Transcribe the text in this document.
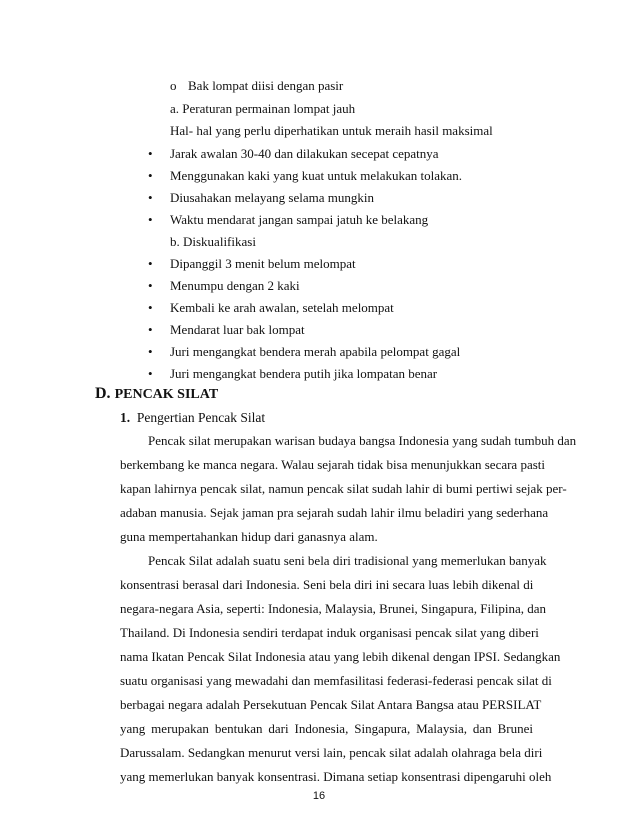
o Bak lompat diisi dengan pasir
a. Peraturan permainan lompat jauh
Hal- hal yang perlu diperhatikan untuk meraih hasil maksimal
• Jarak awalan 30-40 dan dilakukan secepat cepatnya
• Menggunakan kaki yang kuat untuk melakukan tolakan.
• Diusahakan melayang selama mungkin
• Waktu mendarat jangan sampai jatuh ke belakang
b. Diskualifikasi
• Dipanggil 3 menit belum melompat
• Menumpu dengan 2 kaki
• Kembali ke arah awalan, setelah melompat
• Mendarat luar bak lompat
• Juri mengangkat bendera merah apabila pelompat gagal
• Juri mengangkat bendera putih jika lompatan benar
D. PENCAK SILAT
1. Pengertian Pencak Silat
Pencak silat merupakan warisan budaya bangsa Indonesia yang sudah tumbuh dan
berkembang ke manca negara. Walau sejarah tidak bisa menunjukkan secara pasti
kapan lahirnya pencak silat, namun pencak silat sudah lahir di bumi pertiwi sejak per-
adaban manusia. Sejak jaman pra sejarah sudah lahir ilmu beladiri yang sederhana
guna mempertahankan hidup dari ganasnya alam.
Pencak Silat adalah suatu seni bela diri tradisional yang memerlukan banyak
konsentrasi berasal dari Indonesia. Seni bela diri ini secara luas lebih dikenal di
negara-negara Asia, seperti: Indonesia, Malaysia, Brunei, Singapura, Filipina, dan
Thailand. Di Indonesia sendiri terdapat induk organisasi pencak silat yang diberi
nama Ikatan Pencak Silat Indonesia atau yang lebih dikenal dengan IPSI. Sedangkan
suatu organisasi yang mewadahi dan memfasilitasi federasi-federasi pencak silat di
berbagai negara adalah Persekutuan Pencak Silat Antara Bangsa atau PERSILAT
yang merupakan bentukan dari Indonesia, Singapura, Malaysia, dan Brunei
Darussalam. Sedangkan menurut versi lain, pencak silat adalah olahraga bela diri
yang memerlukan banyak konsentrasi. Dimana setiap konsentrasi dipengaruhi oleh
16
